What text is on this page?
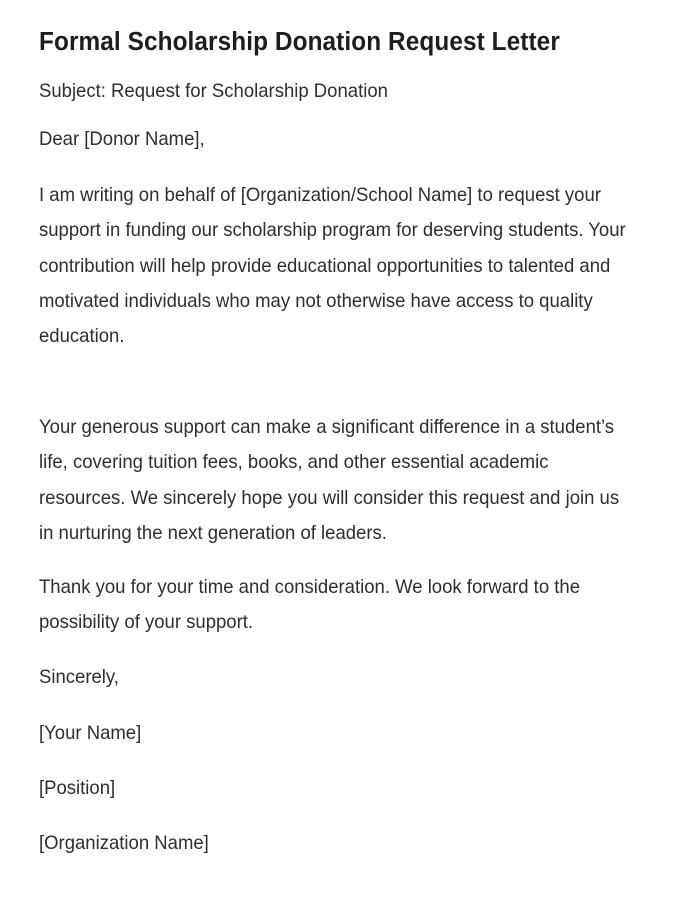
Formal Scholarship Donation Request Letter

Subject: Request for Scholarship Donation

Dear [Donor Name],

I am writing on behalf of [Organization/School Name] to request your support in funding our scholarship program for deserving students. Your contribution will help provide educational opportunities to talented and motivated individuals who may not otherwise have access to quality education.

Your generous support can make a significant difference in a student’s life, covering tuition fees, books, and other essential academic resources. We sincerely hope you will consider this request and join us in nurturing the next generation of leaders.

Thank you for your time and consideration. We look forward to the possibility of your support.

Sincerely,

[Your Name]

[Position]

[Organization Name]
